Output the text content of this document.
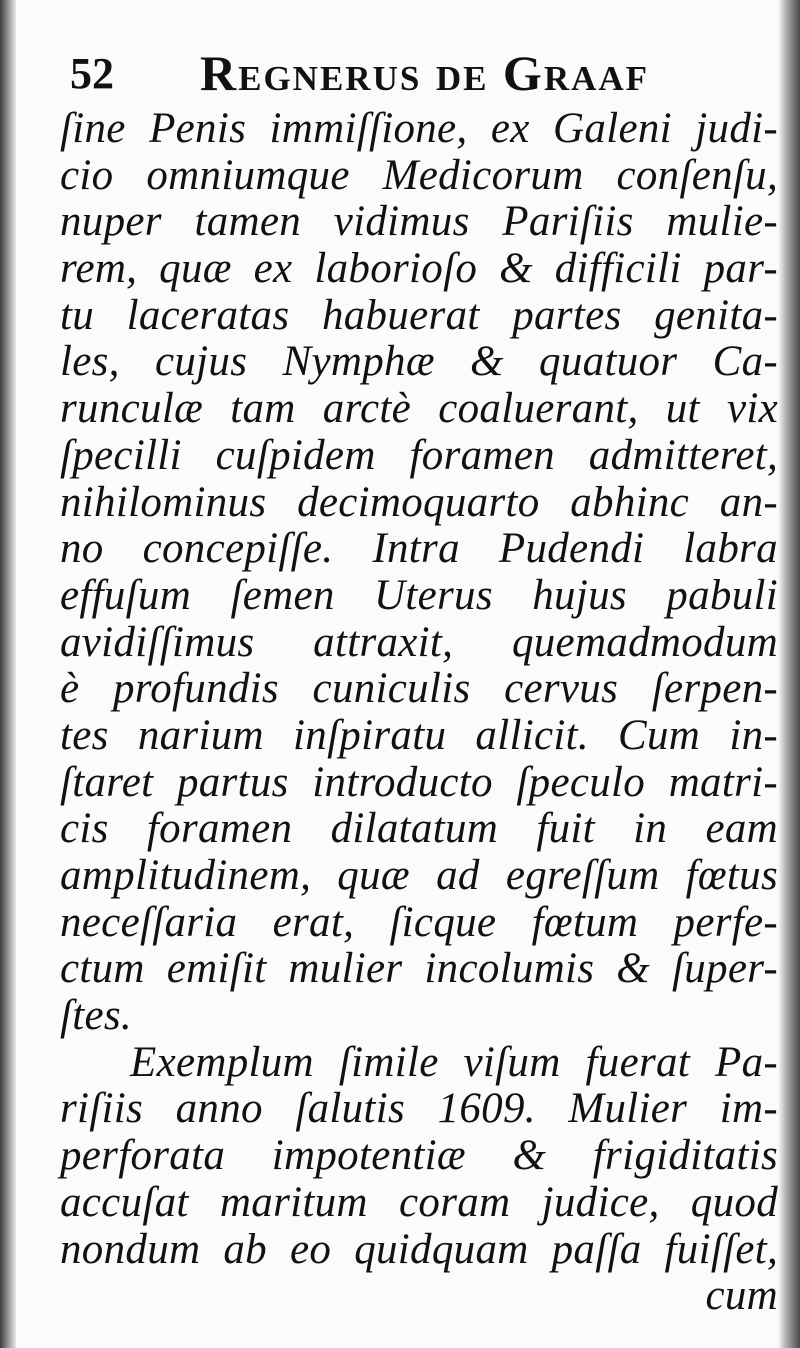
52 Regnerus de Graaf
ſine Penis immiſſione, ex Galeni judi-
cio omniumque Medicorum conſenſu,
nuper tamen vidimus Pariſiis mulie-
rem, quæ ex laborioſo & difficili par-
tu laceratas habuerat partes genita-
les, cujus Nymphæ & quatuor Ca-
runculæ tam arctè coaluerant, ut vix
ſpecilli cuſpidem foramen admitteret,
nihilominus decimoquarto abhinc an-
no concepiſſe. Intra Pudendi labra
effuſum ſemen Uterus hujus pabuli
avidiſſimus attraxit, quemadmodum
è profundis cuniculis cervus ſerpen-
tes narium inſpiratu allicit. Cum in-
ſtaret partus introducto ſpeculo matri-
cis foramen dilatatum fuit in eam
amplitudinem, quæ ad egreſſum fœtus
neceſſaria erat, ſicque fœtum perfe-
ctum emiſit mulier incolumis & ſuper-
ſtes.
Exemplum ſimile viſum fuerat Pa-
riſiis anno ſalutis 1609. Mulier im-
perforata impotentiæ & frigiditatis
accuſat maritum coram judice, quod
nondum ab eo quidquam paſſa fuiſſet,
cum
